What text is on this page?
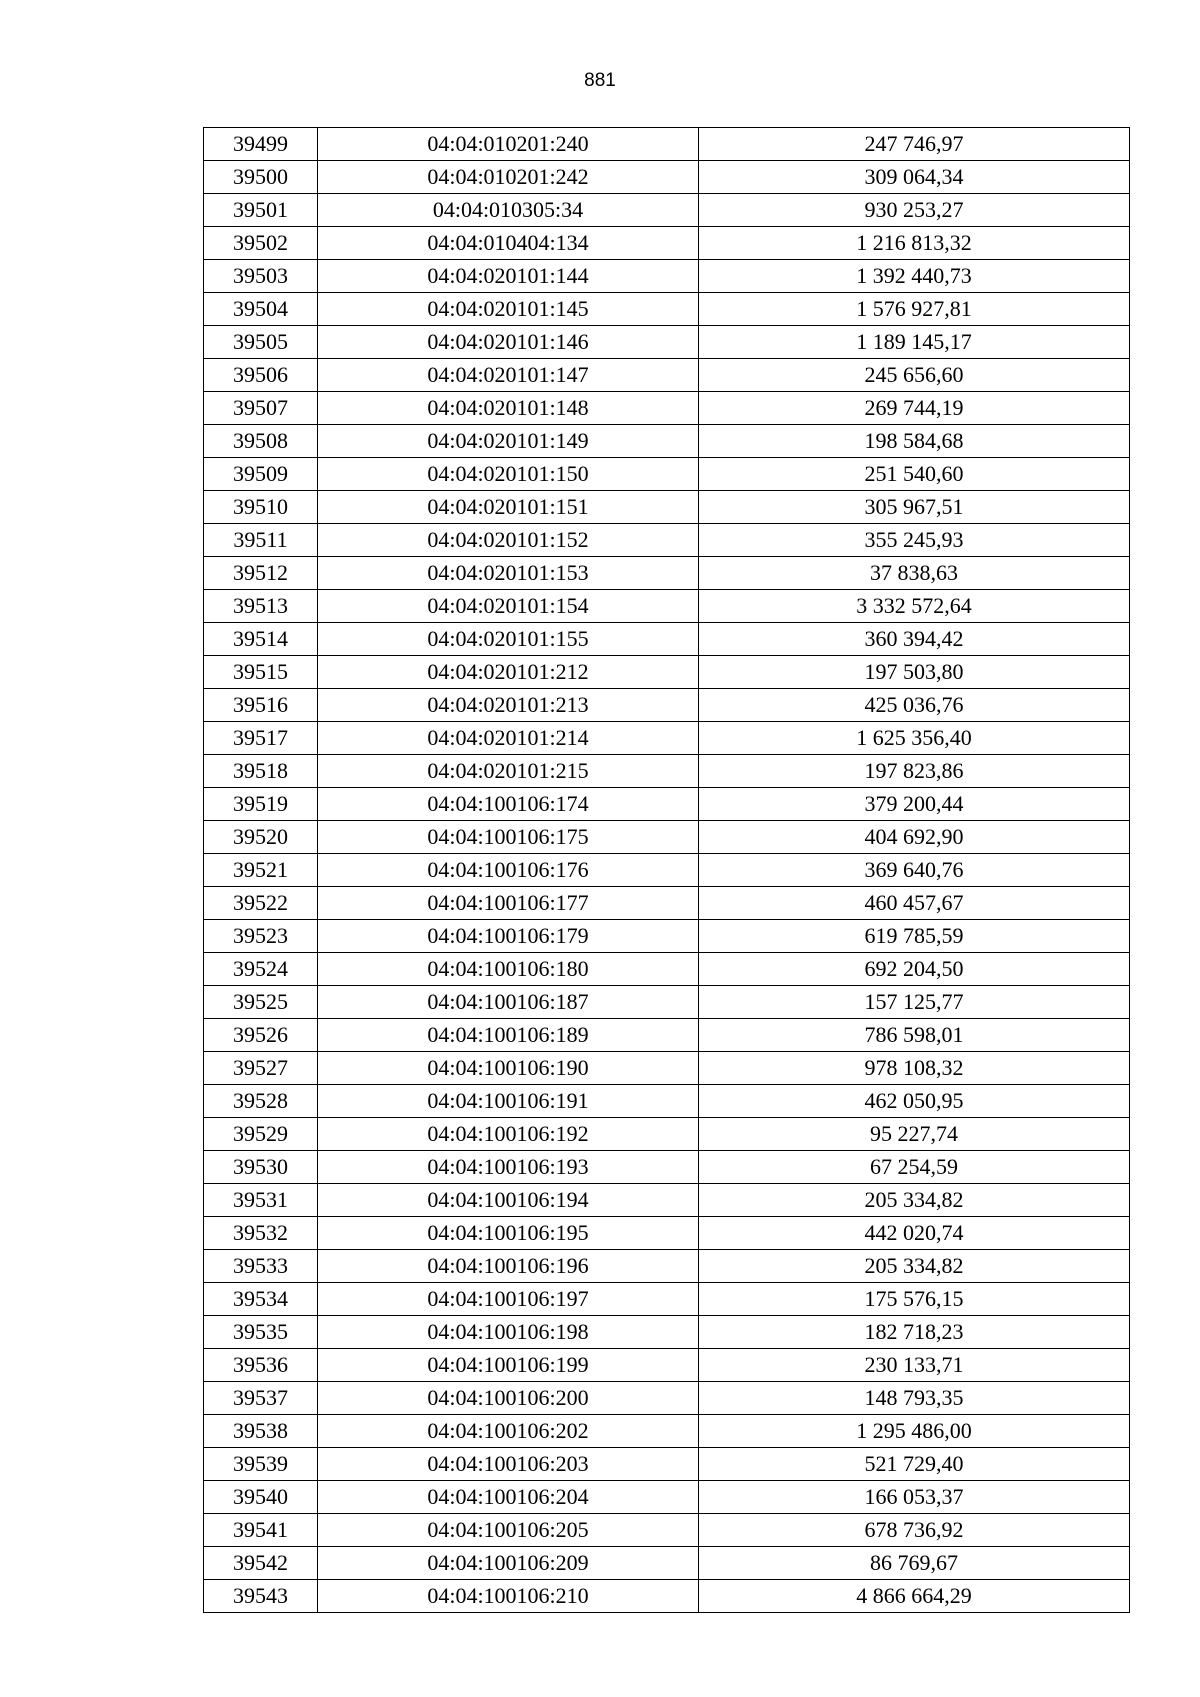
881
39499	04:04:010201:240	247 746,97
39500	04:04:010201:242	309 064,34
39501	04:04:010305:34	930 253,27
39502	04:04:010404:134	1 216 813,32
39503	04:04:020101:144	1 392 440,73
39504	04:04:020101:145	1 576 927,81
39505	04:04:020101:146	1 189 145,17
39506	04:04:020101:147	245 656,60
39507	04:04:020101:148	269 744,19
39508	04:04:020101:149	198 584,68
39509	04:04:020101:150	251 540,60
39510	04:04:020101:151	305 967,51
39511	04:04:020101:152	355 245,93
39512	04:04:020101:153	37 838,63
39513	04:04:020101:154	3 332 572,64
39514	04:04:020101:155	360 394,42
39515	04:04:020101:212	197 503,80
39516	04:04:020101:213	425 036,76
39517	04:04:020101:214	1 625 356,40
39518	04:04:020101:215	197 823,86
39519	04:04:100106:174	379 200,44
39520	04:04:100106:175	404 692,90
39521	04:04:100106:176	369 640,76
39522	04:04:100106:177	460 457,67
39523	04:04:100106:179	619 785,59
39524	04:04:100106:180	692 204,50
39525	04:04:100106:187	157 125,77
39526	04:04:100106:189	786 598,01
39527	04:04:100106:190	978 108,32
39528	04:04:100106:191	462 050,95
39529	04:04:100106:192	95 227,74
39530	04:04:100106:193	67 254,59
39531	04:04:100106:194	205 334,82
39532	04:04:100106:195	442 020,74
39533	04:04:100106:196	205 334,82
39534	04:04:100106:197	175 576,15
39535	04:04:100106:198	182 718,23
39536	04:04:100106:199	230 133,71
39537	04:04:100106:200	148 793,35
39538	04:04:100106:202	1 295 486,00
39539	04:04:100106:203	521 729,40
39540	04:04:100106:204	166 053,37
39541	04:04:100106:205	678 736,92
39542	04:04:100106:209	86 769,67
39543	04:04:100106:210	4 866 664,29
